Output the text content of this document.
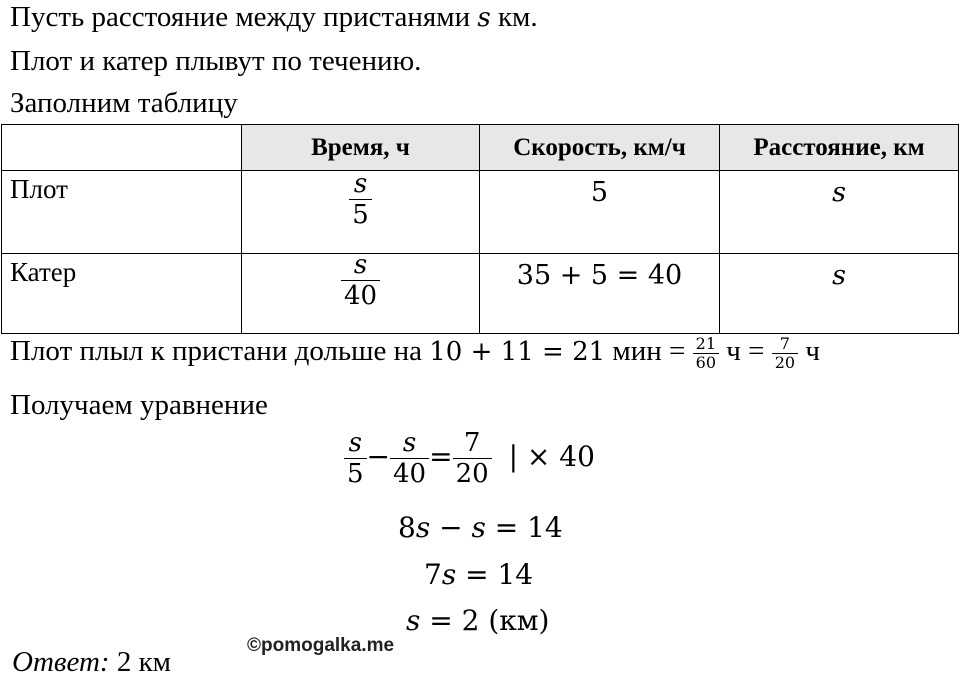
Пусть расстояние между пристанями s км.
Плот и катер плывут по течению.
Заполним таблицу
	Время, ч	Скорость, км/ч	Расстояние, км
Плот	$\frac{s}{5}$	5	s
Катер	$\frac{s}{40}$	35 + 5 = 40	s
Плот плыл к пристани дольше на 10 + 11 = 21 мин = $\frac{21}{60}$ $ч = \frac{7}{20}$ ч
Получаем уравнение
$\frac{s}{5} - \frac{s}{40} = \frac{7}{20}$ | × 40
8s − s = 14
7s = 14
s = 2 (км)
©pomogalka.me
Ответ: 2 км
